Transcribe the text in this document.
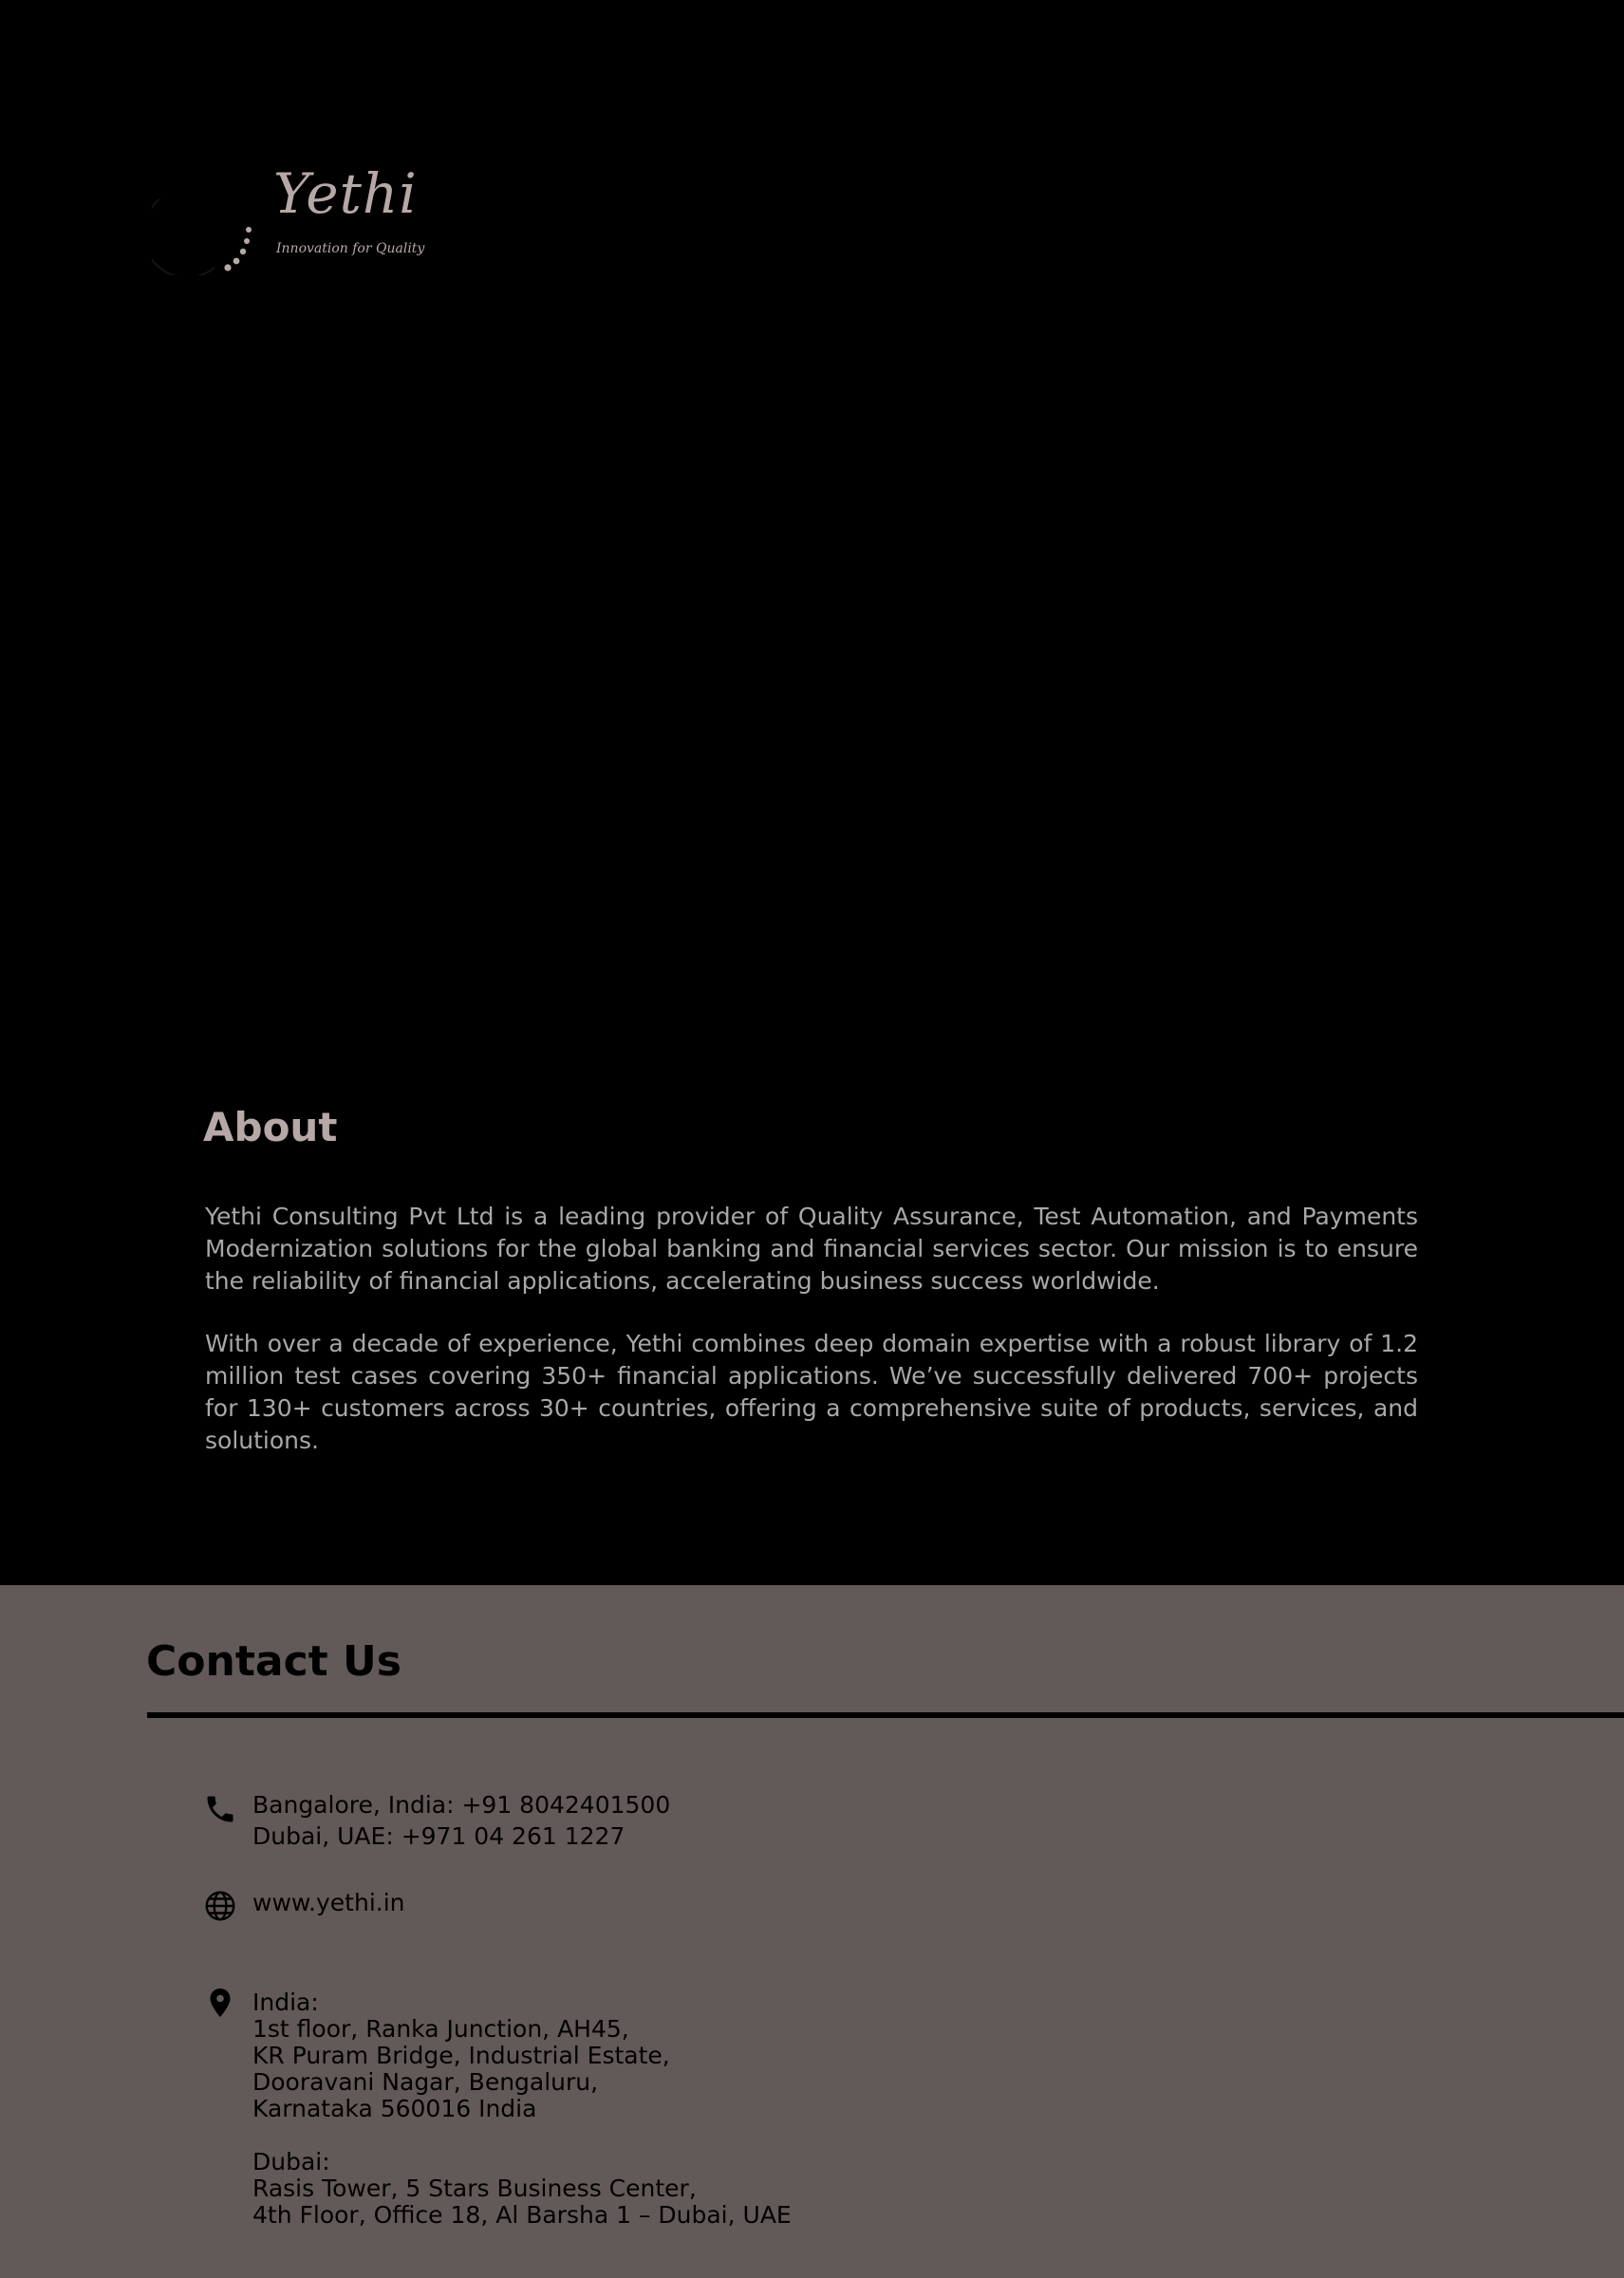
Yethi
Innovation for Quality
About

Yethi Consulting Pvt Ltd is a leading provider of Quality Assurance, Test Automation, and Payments Modernization solutions for the global banking and financial services sector. Our mission is to ensure the reliability of financial applications, accelerating business success worldwide.

With over a decade of experience, Yethi combines deep domain expertise with a robust library of 1.2 million test cases covering 350+ financial applications. We’ve successfully delivered 700+ projects for 130+ customers across 30+ countries, offering a comprehensive suite of products, services, and solutions.

Contact Us
Bangalore, India: +91 8042401500
Dubai, UAE: +971 04 261 1227
www.yethi.in
India:
1st floor, Ranka Junction, AH45,
KR Puram Bridge, Industrial Estate,
Dooravani Nagar, Bengaluru,
Karnataka 560016 India
Dubai:
Rasis Tower, 5 Stars Business Center,
4th Floor, Office 18, Al Barsha 1 – Dubai, UAE
